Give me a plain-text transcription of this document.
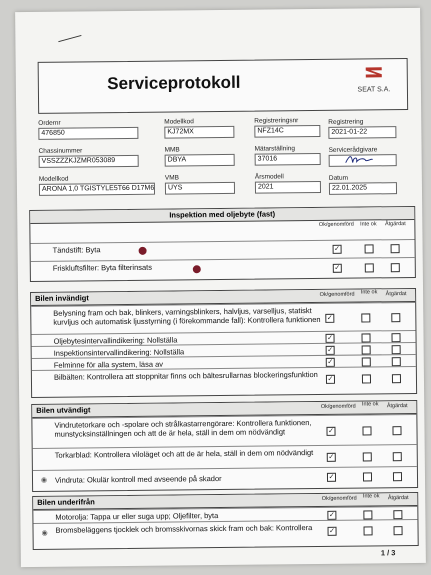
Serviceprotokoll	SEAT S.A.
Ordernr
476850
Modellkod
KJ72MX
Registreringsnr
NFZ14C
Registrering
2021-01-22
Chassinummer
VSSZZZKJZMR053089
MMB
DBYA
Mätarställning
37016
Servicerådgivare
Modellkod
ARONA 1,0 TGISTYLE5T66 D17M6
VMB
UYS
Årsmodell
2021
Datum
22.01.2025
Inspektion med oljebyte (fast)
Ok/genomförd	Inte ok	Åtgärdat
Tändstift: Byta	✓
Friskluftsfilter: Byta filterinsats	✓
Bilen invändigt	Ok/genomförd	Inte ok	Åtgärdat
Belysning fram och bak, blinkers, varningsblinkers, halvljus, varselljus, statiskt kurvljus och automatisk ljusstyrning (i förekommande fall): Kontrollera funktionen ✓
Oljebytesintervallindikering: Nollställa	✓
Inspektionsintervallindikering: Nollställa	✓
Felminne för alla system, läsa av	✓
Bilbälten: Kontrollera att stoppnitar finns och bältesrullarnas blockeringsfunktion	✓
Bilen utvändigt	Ok/genomförd	Inte ok	Åtgärdat
Vindrutetorkare och -spolare och strålkastarrengörare: Kontrollera funktionen, munstycksinställningen och att de är hela, ställ in dem om nödvändigt	✓
Torkarblad: Kontrollera viloläget och att de är hela, ställ in dem om nödvändigt	✓
◉ Vindruta: Okulär kontroll med avseende på skador	✓
Bilen underifrån	Ok/genomförd	Inte ok	Åtgärdat
Motorolja: Tappa ur eller suga upp; Oljefilter, byta	✓
◉ Bromsbeläggens tjocklek och bromsskivornas skick fram och bak: Kontrollera	✓
1 / 3
